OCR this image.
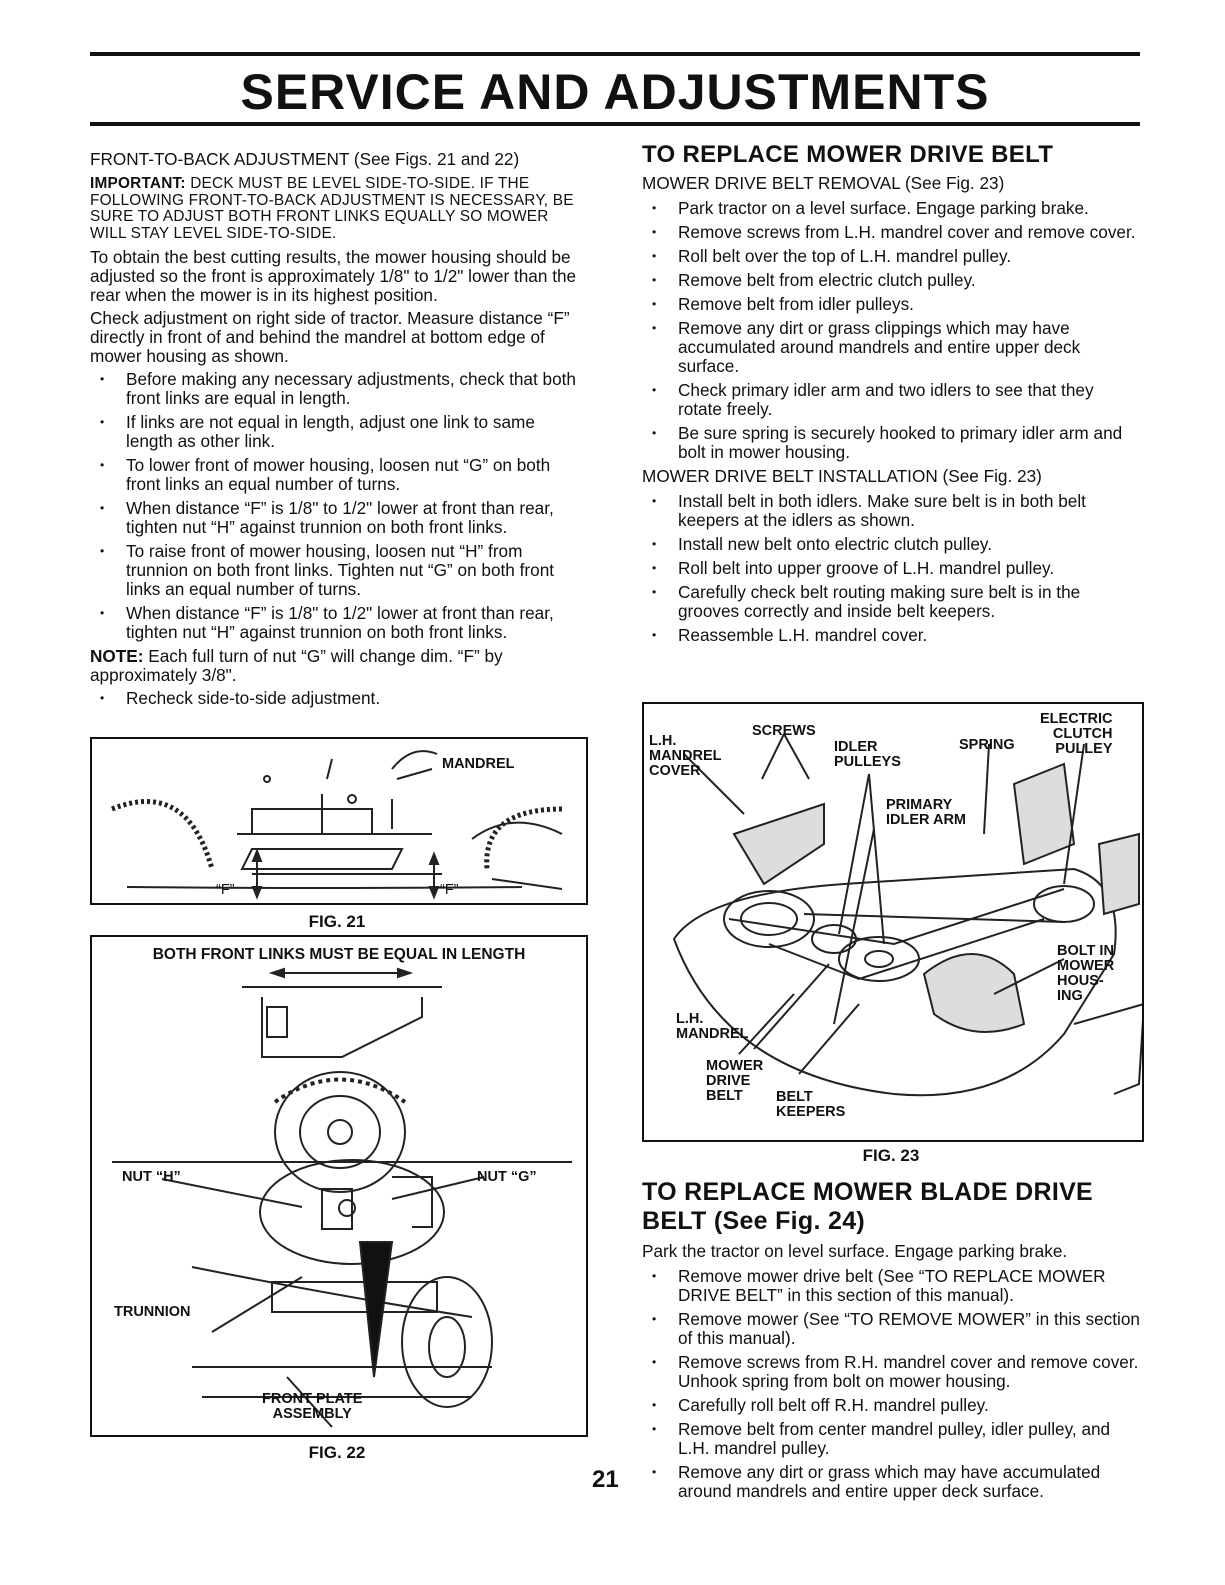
SERVICE AND ADJUSTMENTS

FRONT-TO-BACK ADJUSTMENT (See Figs. 21 and 22)

IMPORTANT: DECK MUST BE LEVEL SIDE-TO-SIDE. IF THE FOLLOWING FRONT-TO-BACK ADJUSTMENT IS NECESSARY, BE SURE TO ADJUST BOTH FRONT LINKS EQUALLY SO MOWER WILL STAY LEVEL SIDE-TO-SIDE.

To obtain the best cutting results, the mower housing should be adjusted so the front is approximately 1/8" to 1/2" lower than the rear when the mower is in its highest position.

Check adjustment on right side of tractor. Measure distance “F” directly in front of and behind the mandrel at bottom edge of mower housing as shown.

• Before making any necessary adjustments, check that both front links are equal in length.
• If links are not equal in length, adjust one link to same length as other link.
• To lower front of mower housing, loosen nut “G” on both front links an equal number of turns.
• When distance “F” is 1/8" to 1/2" lower at front than rear, tighten nut “H” against trunnion on both front links.
• To raise front of mower housing, loosen nut “H” from trunnion on both front links. Tighten nut “G” on both front links an equal number of turns.
• When distance “F” is 1/8" to 1/2" lower at front than rear, tighten nut “H” against trunnion on both front links.

NOTE: Each full turn of nut “G” will change dim. “F” by approximately 3/8".

• Recheck side-to-side adjustment.
MANDREL
“F”	“F”
FIG. 21
BOTH FRONT LINKS MUST BE EQUAL IN LENGTH
NUT “H”	NUT “G”
TRUNNION
FRONT PLATE
ASSEMBLY
FIG. 22
TO REPLACE MOWER DRIVE BELT

MOWER DRIVE BELT REMOVAL (See Fig. 23)

• Park tractor on a level surface. Engage parking brake.
• Remove screws from L.H. mandrel cover and remove cover.
• Roll belt over the top of L.H. mandrel pulley.
• Remove belt from electric clutch pulley.
• Remove belt from idler pulleys.
• Remove any dirt or grass clippings which may have accumulated around mandrels and entire upper deck surface.
• Check primary idler arm and two idlers to see that they rotate freely.
• Be sure spring is securely hooked to primary idler arm and bolt in mower housing.

MOWER DRIVE BELT INSTALLATION (See Fig. 23)

• Install belt in both idlers. Make sure belt is in both belt keepers at the idlers as shown.
• Install new belt onto electric clutch pulley.
• Roll belt into upper groove of L.H. mandrel pulley.
• Carefully check belt routing making sure belt is in the grooves correctly and inside belt keepers.
• Reassemble L.H. mandrel cover.
L.H.
MANDREL
COVER
SCREWS
IDLER
PULLEYS
SPRING
ELECTRIC
CLUTCH
PULLEY
PRIMARY
IDLER ARM
BOLT IN
MOWER
HOUS-
ING
L.H.
MANDREL
MOWER
DRIVE
BELT	BELT
KEEPERS
FIG. 23
TO REPLACE MOWER BLADE DRIVE BELT (See Fig. 24)

Park the tractor on level surface. Engage parking brake.

• Remove mower drive belt (See “TO REPLACE MOWER DRIVE BELT” in this section of this manual).
• Remove mower (See “TO REMOVE MOWER” in this section of this manual).
• Remove screws from R.H. mandrel cover and remove cover. Unhook spring from bolt on mower housing.
• Carefully roll belt off R.H. mandrel pulley.
• Remove belt from center mandrel pulley, idler pulley, and L.H. mandrel pulley.
• Remove any dirt or grass which may have accumulated around mandrels and entire upper deck surface.
21
